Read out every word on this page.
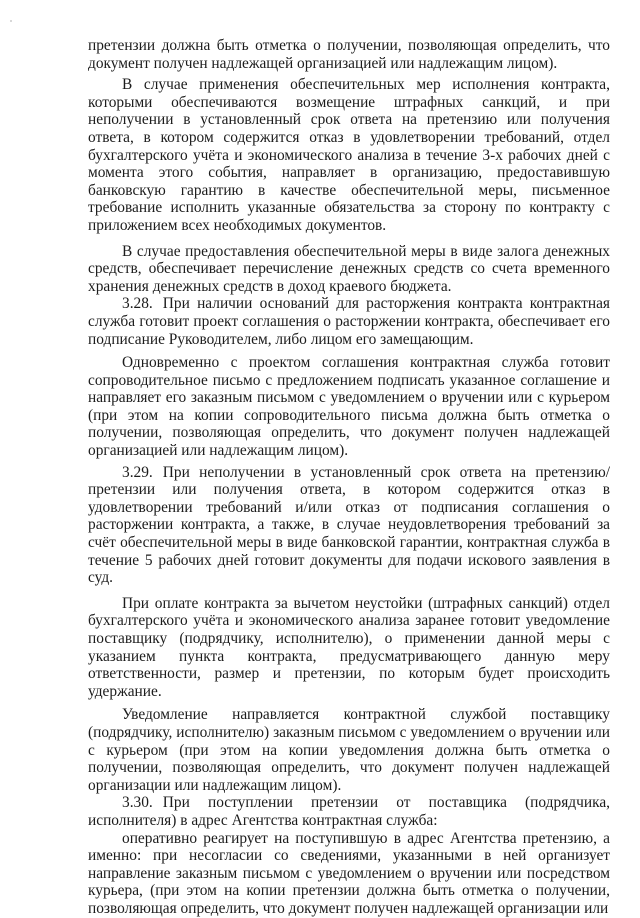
претензии должна быть отметка о получении, позволяющая определить, что документ получен надлежащей организацией или надлежащим лицом).

В случае применения обеспечительных мер исполнения контракта, которыми обеспечиваются возмещение штрафных санкций, и при неполучении в установленный срок ответа на претензию или получения ответа, в котором содержится отказ в удовлетворении требований, отдел бухгалтерского учёта и экономического анализа в течение 3-х рабочих дней с момента этого события, направляет в организацию, предоставившую банковскую гарантию в качестве обеспечительной меры, письменное требование исполнить указанные обязательства за сторону по контракту с приложением всех необходимых документов.

В случае предоставления обеспечительной меры в виде залога денежных средств, обеспечивает перечисление денежных средств со счета временного хранения денежных средств в доход краевого бюджета.

3.28. При наличии оснований для расторжения контракта контрактная служба готовит проект соглашения о расторжении контракта, обеспечивает его подписание Руководителем, либо лицом его замещающим.

Одновременно с проектом соглашения контрактная служба готовит сопроводительное письмо с предложением подписать указанное соглашение и направляет его заказным письмом с уведомлением о вручении или с курьером (при этом на копии сопроводительного письма должна быть отметка о получении, позволяющая определить, что документ получен надлежащей организацией или надлежащим лицом).

3.29. При неполучении в установленный срок ответа на претензию/претензии или получения ответа, в котором содержится отказ в удовлетворении требований и/или отказ от подписания соглашения о расторжении контракта, а также, в случае неудовлетворения требований за счёт обеспечительной меры в виде банковской гарантии, контрактная служба в течение 5 рабочих дней готовит документы для подачи искового заявления в суд.

При оплате контракта за вычетом неустойки (штрафных санкций) отдел бухгалтерского учёта и экономического анализа заранее готовит уведомление поставщику (подрядчику, исполнителю), о применении данной меры с указанием пункта контракта, предусматривающего данную меру ответственности, размер и претензии, по которым будет происходить удержание.

Уведомление направляется контрактной службой поставщику (подрядчику, исполнителю) заказным письмом с уведомлением о вручении или с курьером (при этом на копии уведомления должна быть отметка о получении, позволяющая определить, что документ получен надлежащей организации или надлежащим лицом).

3.30. При поступлении претензии от поставщика (подрядчика, исполнителя) в адрес Агентства контрактная служба:

оперативно реагирует на поступившую в адрес Агентства претензию, а именно: при несогласии со сведениями, указанными в ней организует направление заказным письмом с уведомлением о вручении или посредством курьера, (при этом на копии претензии должна быть отметка о получении, позволяющая определить, что документ получен надлежащей организации или
